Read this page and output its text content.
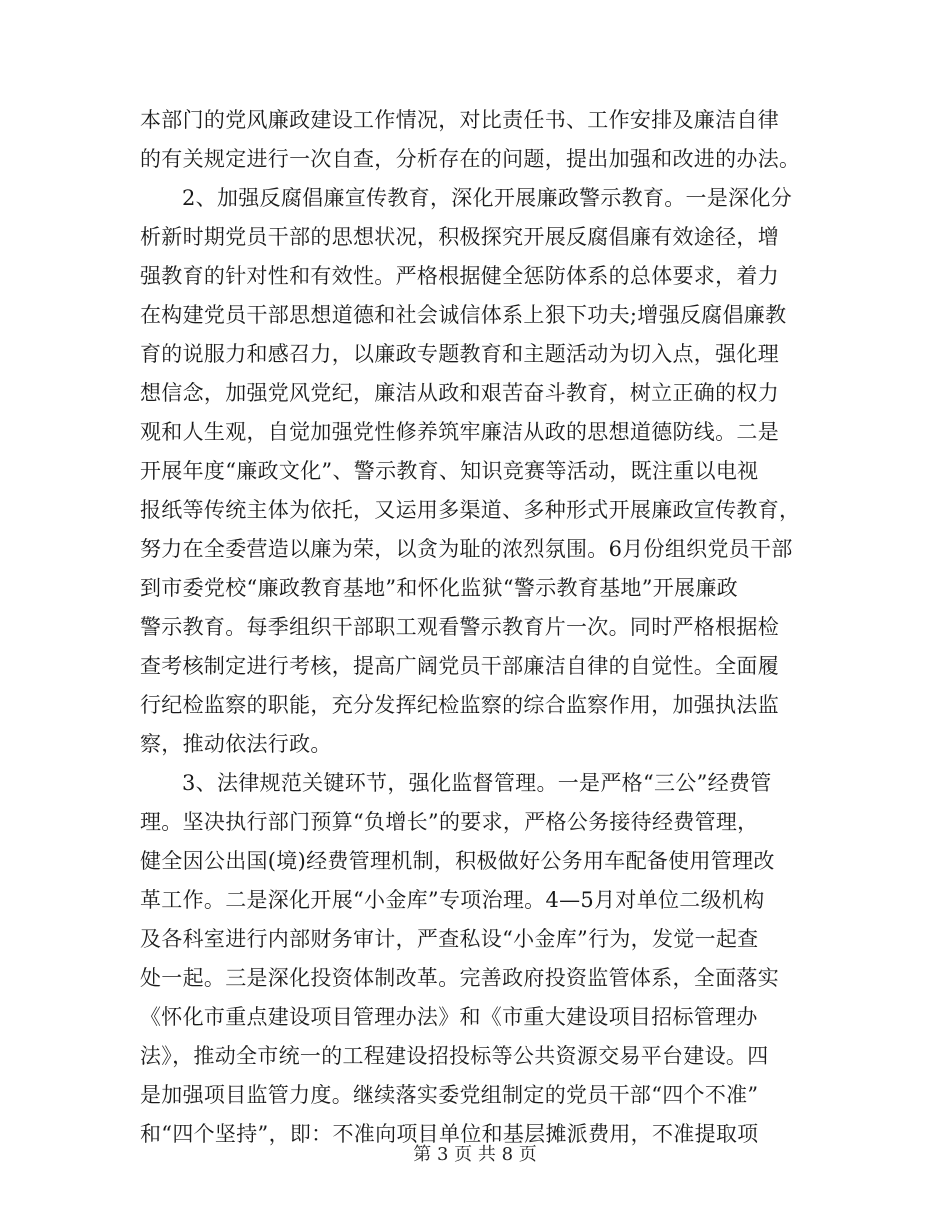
本部门的党风廉政建设工作情况，对比责任书、工作安排及廉洁自律
的有关规定进行一次自查，分析存在的问题，提出加强和改进的办法。
2、加强反腐倡廉宣传教育，深化开展廉政警示教育。一是深化分
析新时期党员干部的思想状况，积极探究开展反腐倡廉有效途径，增
强教育的针对性和有效性。严格根据健全惩防体系的总体要求，着力
在构建党员干部思想道德和社会诚信体系上狠下功夫;增强反腐倡廉教
育的说服力和感召力，以廉政专题教育和主题活动为切入点，强化理
想信念，加强党风党纪，廉洁从政和艰苦奋斗教育，树立正确的权力
观和人生观，自觉加强党性修养筑牢廉洁从政的思想道德防线。二是
开展年度“廉政文化”、警示教育、知识竞赛等活动，既注重以电视
报纸等传统主体为依托，又运用多渠道、多种形式开展廉政宣传教育，
努力在全委营造以廉为荣，以贪为耻的浓烈氛围。6月份组织党员干部
到市委党校“廉政教育基地”和怀化监狱“警示教育基地”开展廉政
警示教育。每季组织干部职工观看警示教育片一次。同时严格根据检
查考核制定进行考核，提高广阔党员干部廉洁自律的自觉性。全面履
行纪检监察的职能，充分发挥纪检监察的综合监察作用，加强执法监
察，推动依法行政。
3、法律规范关键环节，强化监督管理。一是严格“三公”经费管
理。坚决执行部门预算“负增长”的要求，严格公务接待经费管理，
健全因公出国(境)经费管理机制，积极做好公务用车配备使用管理改
革工作。二是深化开展“小金库”专项治理。4—5月对单位二级机构
及各科室进行内部财务审计，严查私设“小金库”行为，发觉一起查
处一起。三是深化投资体制改革。完善政府投资监管体系，全面落实
《怀化市重点建设项目管理办法》和《市重大建设项目招标管理办
法》，推动全市统一的工程建设招投标等公共资源交易平台建设。四
是加强项目监管力度。继续落实委党组制定的党员干部“四个不准”
和“四个坚持”，即：不准向项目单位和基层摊派费用，不准提取项
第 3 页 共 8 页
